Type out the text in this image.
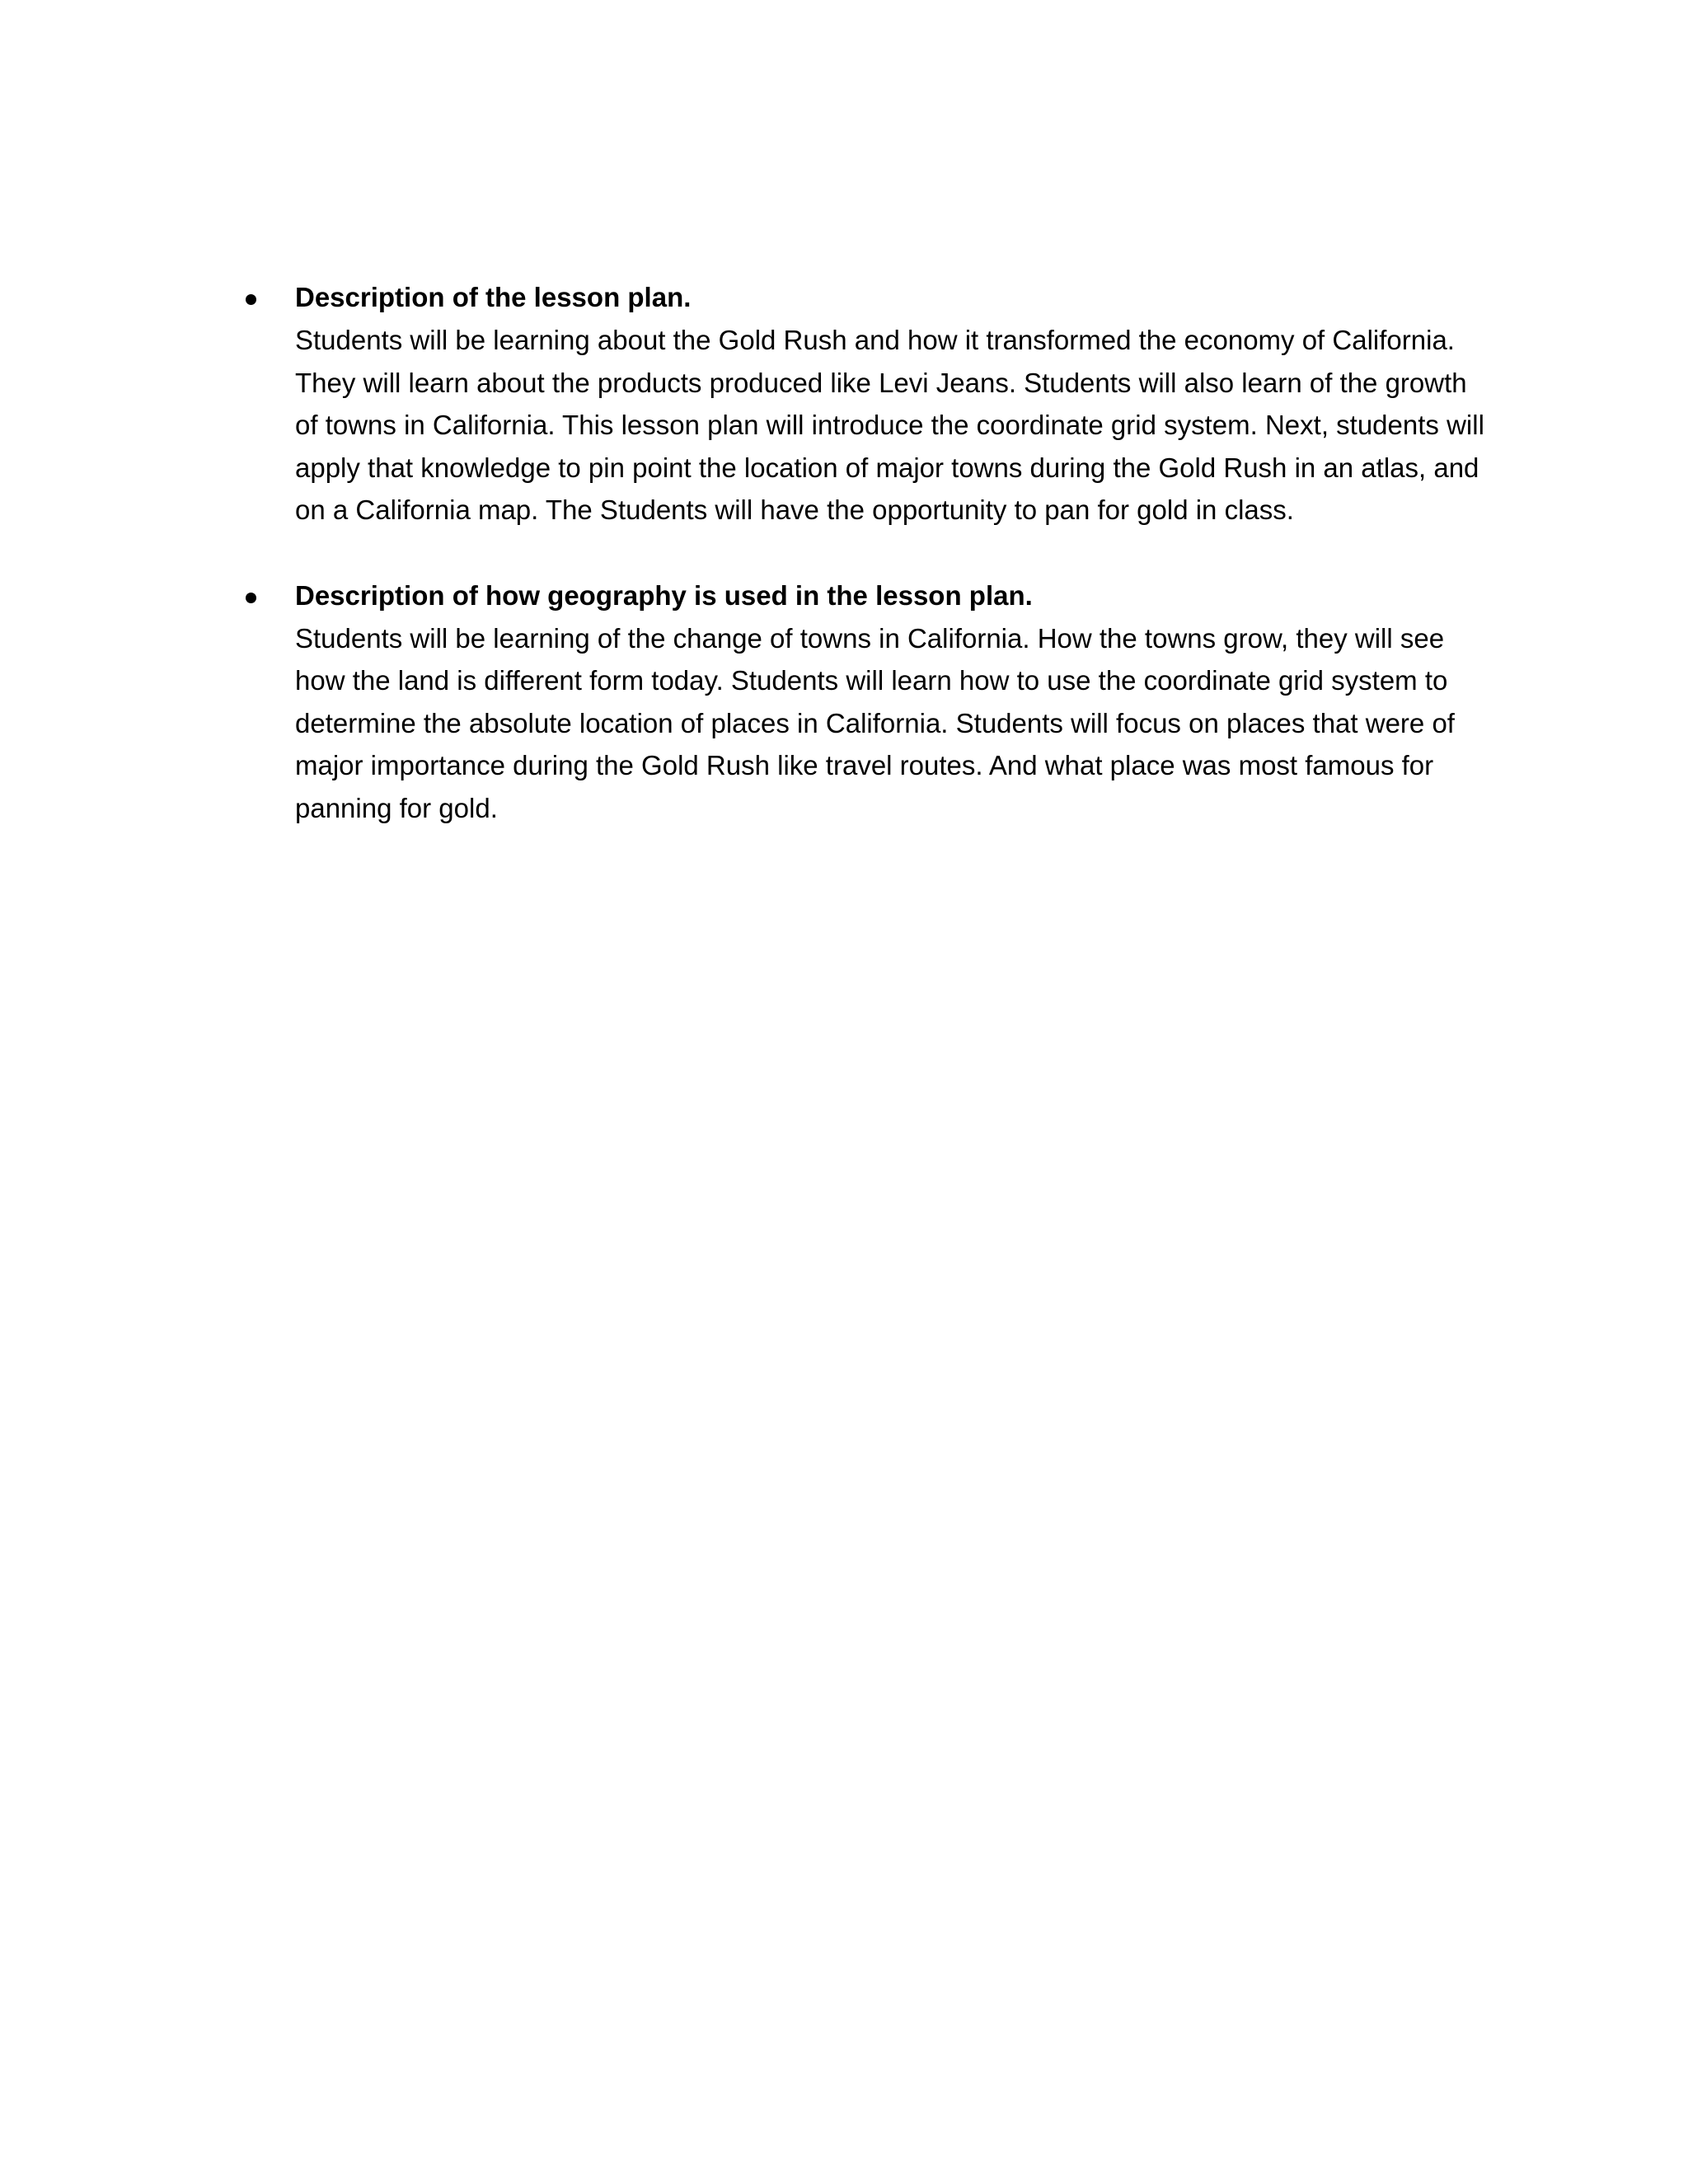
Description of the lesson plan.

Students will be learning about the Gold Rush and how it transformed the economy of California. They will learn about the products produced like Levi Jeans. Students will also learn of the growth of towns in California. This lesson plan will introduce the coordinate grid system. Next, students will apply that knowledge to pin point the location of major towns during the Gold Rush in an atlas, and on a California map. The Students will have the opportunity to pan for gold in class.

Description of how geography is used in the lesson plan.

Students will be learning of the change of towns in California. How the towns grow, they will see how the land is different form today. Students will learn how to use the coordinate grid system to determine the absolute location of places in California. Students will focus on places that were of major importance during the Gold Rush like travel routes. And what place was most famous for panning for gold.
